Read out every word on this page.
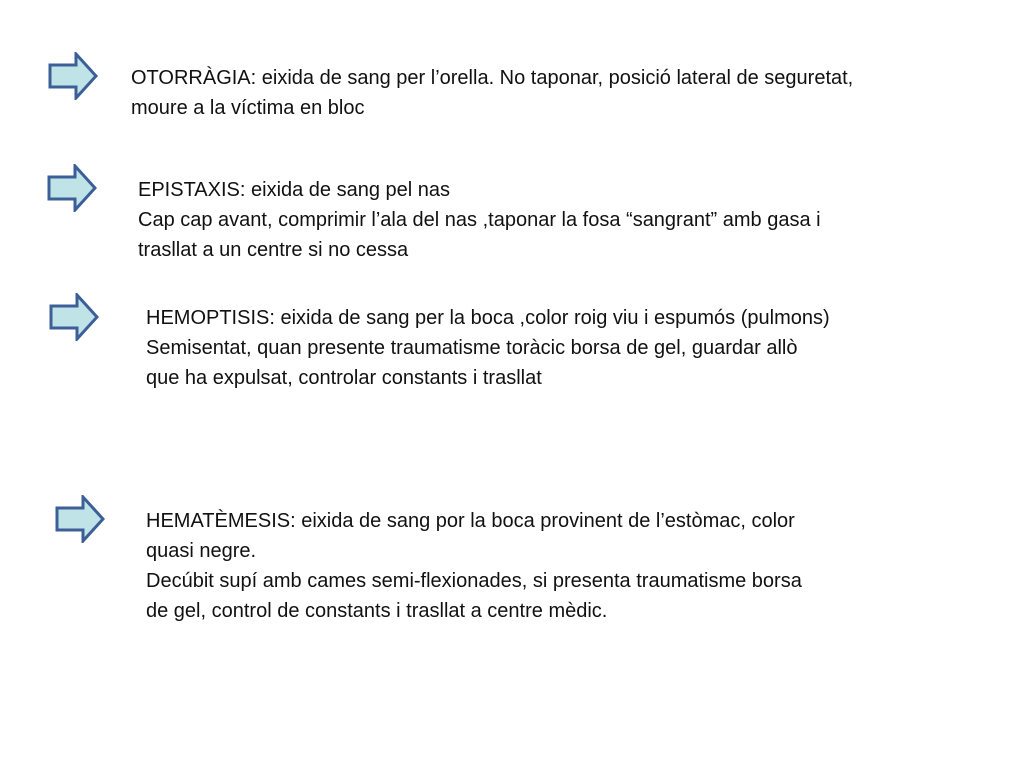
OTORRÀGIA: eixida de sang per l’orella. No taponar, posició lateral de seguretat,
moure a la víctima en bloc
EPISTAXIS: eixida de sang pel nas
Cap cap avant, comprimir l’ala del nas ,taponar la fosa “sangrant” amb gasa i
trasllat a un centre si no cessa
HEMOPTISIS: eixida de sang per la boca ,color roig viu i espumós (pulmons)
Semisentat, quan presente traumatisme toràcic borsa de gel, guardar allò
que ha expulsat, controlar constants i trasllat
HEMATÈMESIS: eixida de sang por la boca provinent de l’estòmac, color
quasi negre.
Decúbit supí amb cames semi-flexionades, si presenta traumatisme borsa
de gel, control de constants i trasllat a centre mèdic.
